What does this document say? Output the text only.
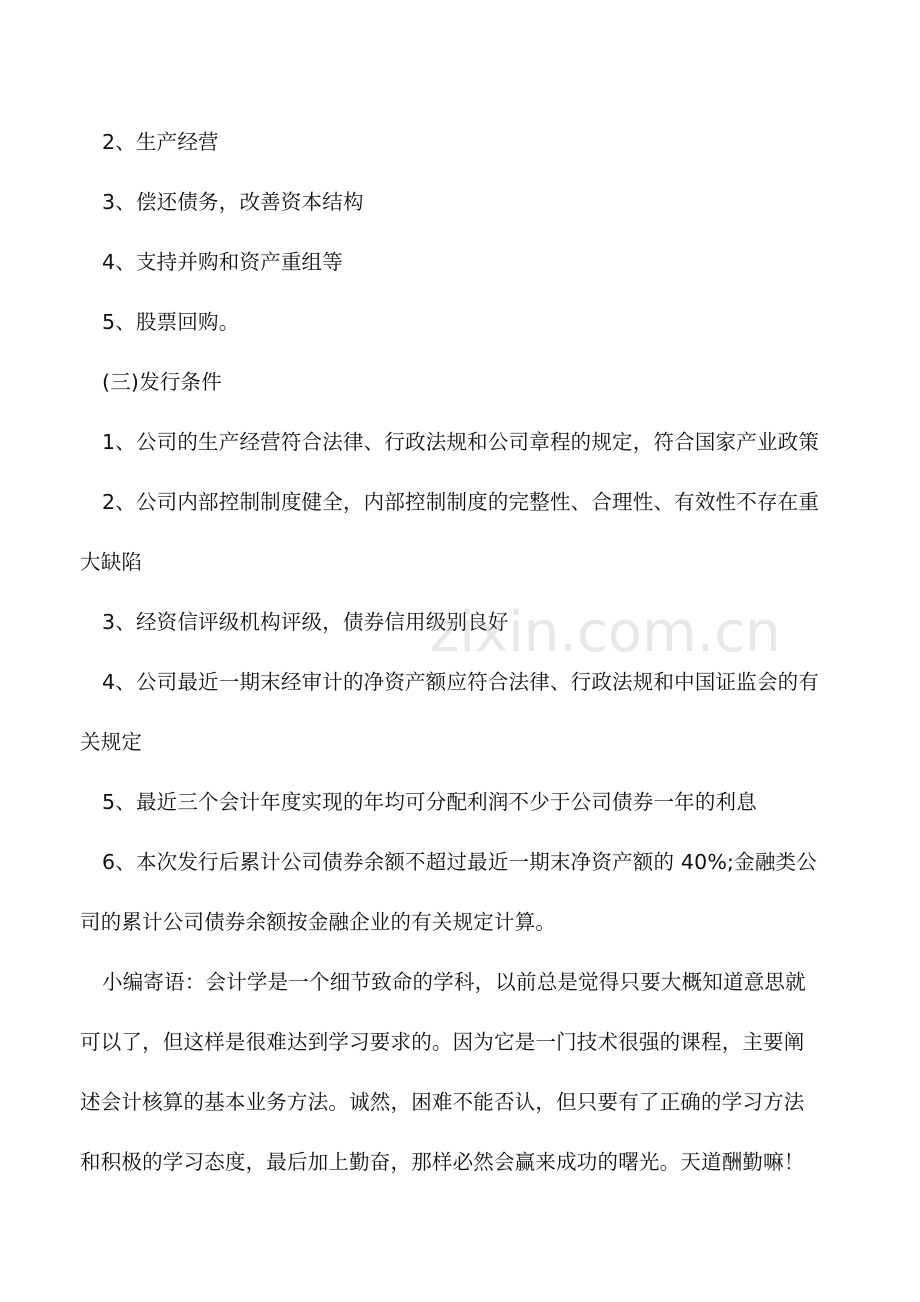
2、生产经营
3、偿还债务，改善资本结构
4、支持并购和资产重组等
5、股票回购。
(三)发行条件
1、公司的生产经营符合法律、行政法规和公司章程的规定，符合国家产业政策
2、公司内部控制制度健全，内部控制制度的完整性、合理性、有效性不存在重
大缺陷
3、经资信评级机构评级，债券信用级别良好
4、公司最近一期末经审计的净资产额应符合法律、行政法规和中国证监会的有
关规定
5、最近三个会计年度实现的年均可分配利润不少于公司债券一年的利息
6、本次发行后累计公司债券余额不超过最近一期末净资产额的 40%;金融类公
司的累计公司债券余额按金融企业的有关规定计算。
小编寄语：会计学是一个细节致命的学科，以前总是觉得只要大概知道意思就
可以了，但这样是很难达到学习要求的。因为它是一门技术很强的课程，主要阐
述会计核算的基本业务方法。诚然，困难不能否认，但只要有了正确的学习方法
和积极的学习态度，最后加上勤奋，那样必然会赢来成功的曙光。天道酬勤嘛！
zixin.com.cn
